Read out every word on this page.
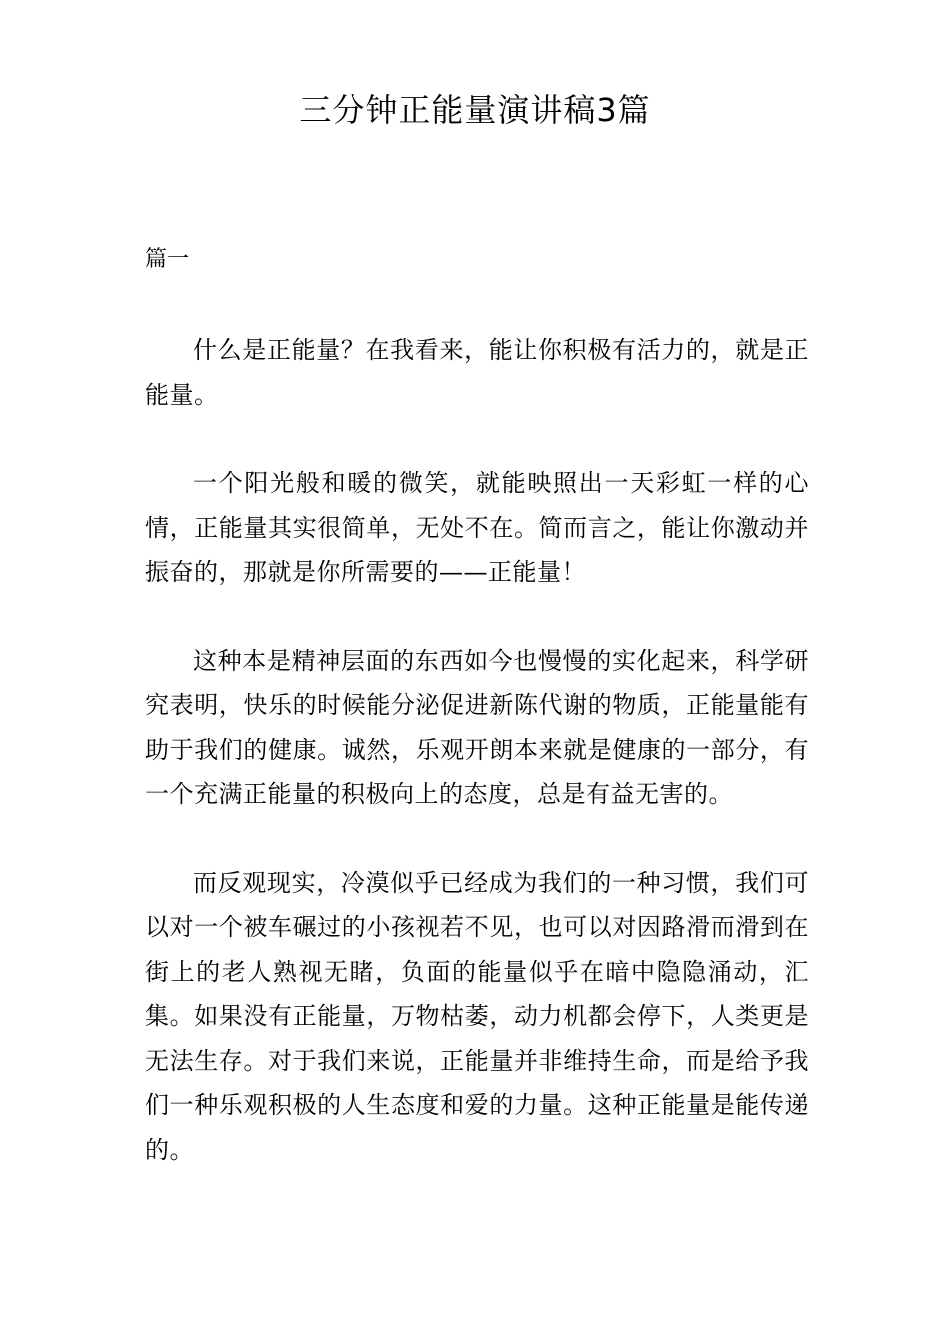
三分钟正能量演讲稿3篇
篇一

什么是正能量？在我看来，能让你积极有活力的，就是正能量。

一个阳光般和暖的微笑，就能映照出一天彩虹一样的心情，正能量其实很简单，无处不在。简而言之，能让你激动并振奋的，那就是你所需要的——正能量！

这种本是精神层面的东西如今也慢慢的实化起来，科学研究表明，快乐的时候能分泌促进新陈代谢的物质，正能量能有助于我们的健康。诚然，乐观开朗本来就是健康的一部分，有一个充满正能量的积极向上的态度，总是有益无害的。

而反观现实，冷漠似乎已经成为我们的一种习惯，我们可以对一个被车碾过的小孩视若不见，也可以对因路滑而滑到在街上的老人熟视无睹，负面的能量似乎在暗中隐隐涌动，汇集。如果没有正能量，万物枯萎，动力机都会停下，人类更是无法生存。对于我们来说，正能量并非维持生命，而是给予我们一种乐观积极的人生态度和爱的力量。这种正能量是能传递的。
